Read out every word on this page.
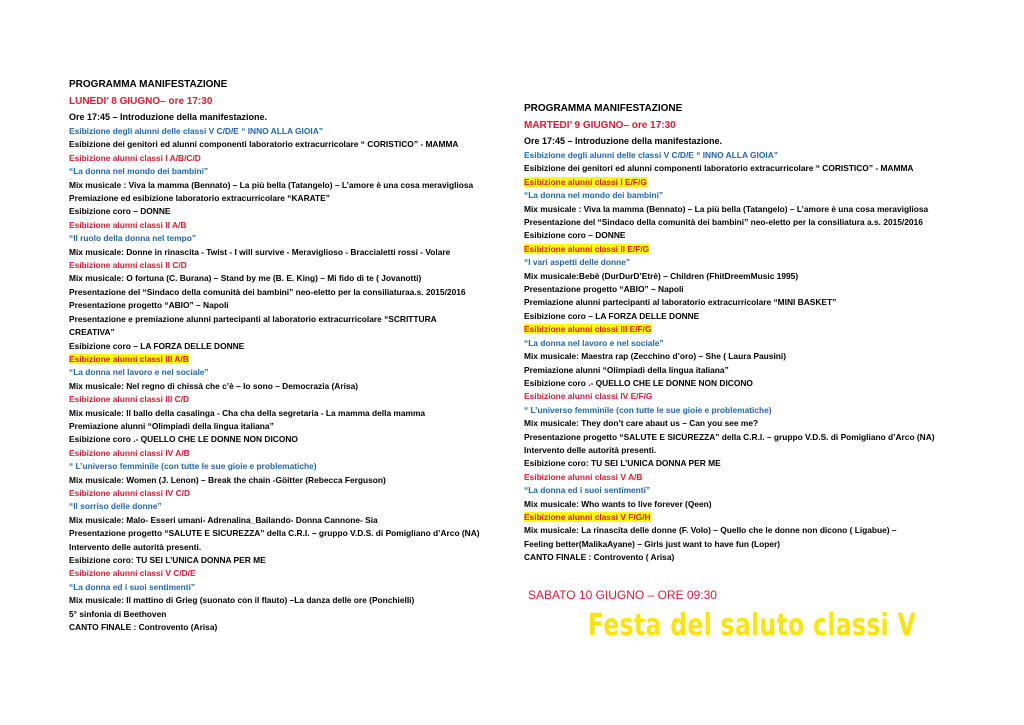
PROGRAMMA MANIFESTAZIONE
LUNEDI’ 8 GIUGNO– ore 17:30
Ore 17:45 – Introduzione della manifestazione.
Esibizione degli alunni delle classi V C/D/E “ INNO ALLA GIOIA”
Esibizione dei genitori ed alunni componenti laboratorio extracurricolare “ CORISTICO” - MAMMA
Esibizione alunni classi I A/B/C/D
“La donna nel mondo dei bambini”
Mix musicale : Viva la mamma (Bennato) – La più bella (Tatangelo) – L’amore è una cosa meravigliosa
Premiazione ed esibizione laboratorio extracurricolare “KARATE”
Esibizione coro – DONNE
Esibizione alunni classi II A/B
“Il ruolo della donna nel tempo”
Mix musicale: Donne in rinascita - Twist - I will survive - Meraviglioso - Braccialetti rossi - Volare
Esibizione alunni classi II C/D
Mix musicale: O fortuna (C. Burana) – Stand by me (B. E. King) – Mi fido di te ( Jovanotti)
Presentazione del “Sindaco della comunità dei bambini” neo-eletto per la consiliaturaa.s. 2015/2016
Presentazione progetto “ABIO” – Napoli
Presentazione e premiazione alunni partecipanti al laboratorio extracurricolare “SCRITTURA
CREATIVA”
Esibizione coro – LA FORZA DELLE DONNE
Esibizione alunni classi III A/B
“La donna nel lavoro e nel sociale”
Mix musicale: Nel regno di chissà che c’è – Io sono – Democrazia (Arisa)
Esibizione alunni classi III C/D
Mix musicale: Il ballo della casalinga - Cha cha della segretaria - La mamma della mamma
Premiazione alunni “Olimpiadi della lingua italiana”
Esibizione coro .- QUELLO CHE LE DONNE NON DICONO
Esibizione alunni classi IV A/B
“ L’universo femminile (con tutte le sue gioie e problematiche)
Mix musicale: Women (J. Lenon) – Break the chain -Göitter (Rebecca Ferguson)
Esibizione alunni classi IV C/D
“Il sorriso delle donne”
Mix musicale: Malo- Esseri umani- Adrenalina_Bailando- Donna Cannone- Sia
Presentazione progetto “SALUTE E SICUREZZA” della C.R.I. – gruppo V.D.S. di Pomigliano d’Arco (NA)
Intervento delle autorità presenti.
Esibizione coro: TU SEI L’UNICA DONNA PER ME
Esibizione alunni classi V C/D/E
“La donna ed i suoi sentimenti”
Mix musicale: Il mattino di Grieg (suonato con il flauto) –La danza delle ore (Ponchielli)
5° sinfonia di Beethoven
CANTO FINALE : Controvento (Arisa)
PROGRAMMA MANIFESTAZIONE
MARTEDI’ 9 GIUGNO– ore 17:30
Ore 17:45 – Introduzione della manifestazione.
Esibizione degli alunni delle classi V C/D/E “ INNO ALLA GIOIA”
Esibizione dei genitori ed alunni componenti laboratorio extracurricolare “ CORISTICO” - MAMMA
Esibizione alunni classi I E/F/G
“La donna nel mondo dei bambini”
Mix musicale : Viva la mamma (Bennato) – La più bella (Tatangelo) – L’amore è una cosa meravigliosa
Presentazione del “Sindaco della comunità dei bambini” neo-eletto per la consiliatura a.s. 2015/2016
Esibizione coro – DONNE
Esibizione alunni classi II E/F/G
“I vari aspetti delle donne”
Mix musicale:Bebè (DurDurD’Etrè) – Children (FhitDreemMusic 1995)
Presentazione progetto “ABIO” – Napoli
Premiazione alunni partecipanti al laboratorio extracurricolare “MINI BASKET”
Esibizione coro – LA FORZA DELLE DONNE
Esibizione alunni classi III E/F/G
“La donna nel lavoro e nel sociale”
Mix musicale: Maestra rap (Zecchino d’oro) – She ( Laura Pausini)
Premiazione alunni “Olimpiadi della lingua italiana”
Esibizione coro .- QUELLO CHE LE DONNE NON DICONO
Esibizione alunni classi IV E/F/G
“ L’universo femminile (con tutte le sue gioie e problematiche)
Mix musicale: They don’t care abaut us – Can you see me?
Presentazione progetto “SALUTE E SICUREZZA” della C.R.I. – gruppo V.D.S. di Pomigliano d’Arco (NA)
Intervento delle autorità presenti.
Esibizione coro: TU SEI L’UNICA DONNA PER ME
Esibizione alunni classi V A/B
“La donna ed i suoi sentimenti”
Mix musicale: Who wants to live forever (Qeen)
Esibizione alunni classi V F/G/H
Mix musicale: La rinascita delle donne (F. Volo) – Quello che le donne non dicono ( Ligabue) –
Feeling better(MalikaAyane) – Girls just want to have fun (Loper)
CANTO FINALE : Controvento ( Arisa)
SABATO 10 GIUGNO – ORE 09:30
Festa del saluto classi V
